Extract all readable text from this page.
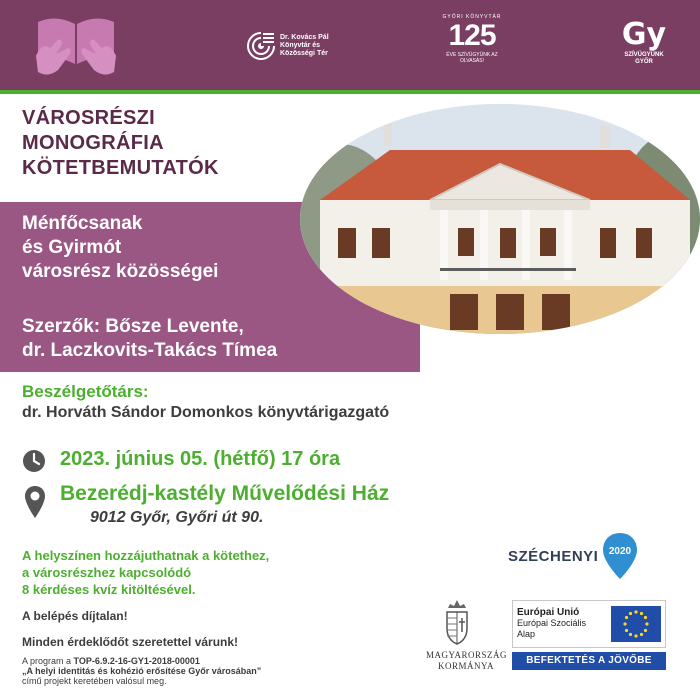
Dr. Kovács Pál Könyvtár és Közösségi Tér
GYŐRI KÖNYVTÁR
125
ÉVE SZÍVÜGYÜNK AZ OLVASÁS!
Gy
SZÍVÜGYÜNK GYŐR
VÁROSRÉSZI
MONOGRÁFIA
KÖTETBEMUTATÓK
Ménfőcsanak
és Gyirmót
városrész közösségei
Szerzők: Bősze Levente,
dr. Laczkovits-Takács Tímea
Beszélgetőtárs:
dr. Horváth Sándor Domonkos könyvtárigazgató
2023. június 05. (hétfő) 17 óra
Bezerédj-kastély Művelődési Ház
9012 Győr, Győri út 90.
A helyszínen hozzájuthatnak a kötethez,
a városrészhez kapcsolódó
8 kérdéses kvíz kitöltésével.
A belépés díjtalan!
Minden érdeklődőt szeretettel várunk!
A program a TOP-6.9.2-16-GY1-2018-00001
„A helyi identitás és kohézió erősítése Győr városában”
című projekt keretében valósul meg.
SZÉCHENYI 2020
MAGYARORSZÁG
KORMÁNYA
Európai Unió
Európai Szociális
Alap
BEFEKTETÉS A JÖVŐBE
